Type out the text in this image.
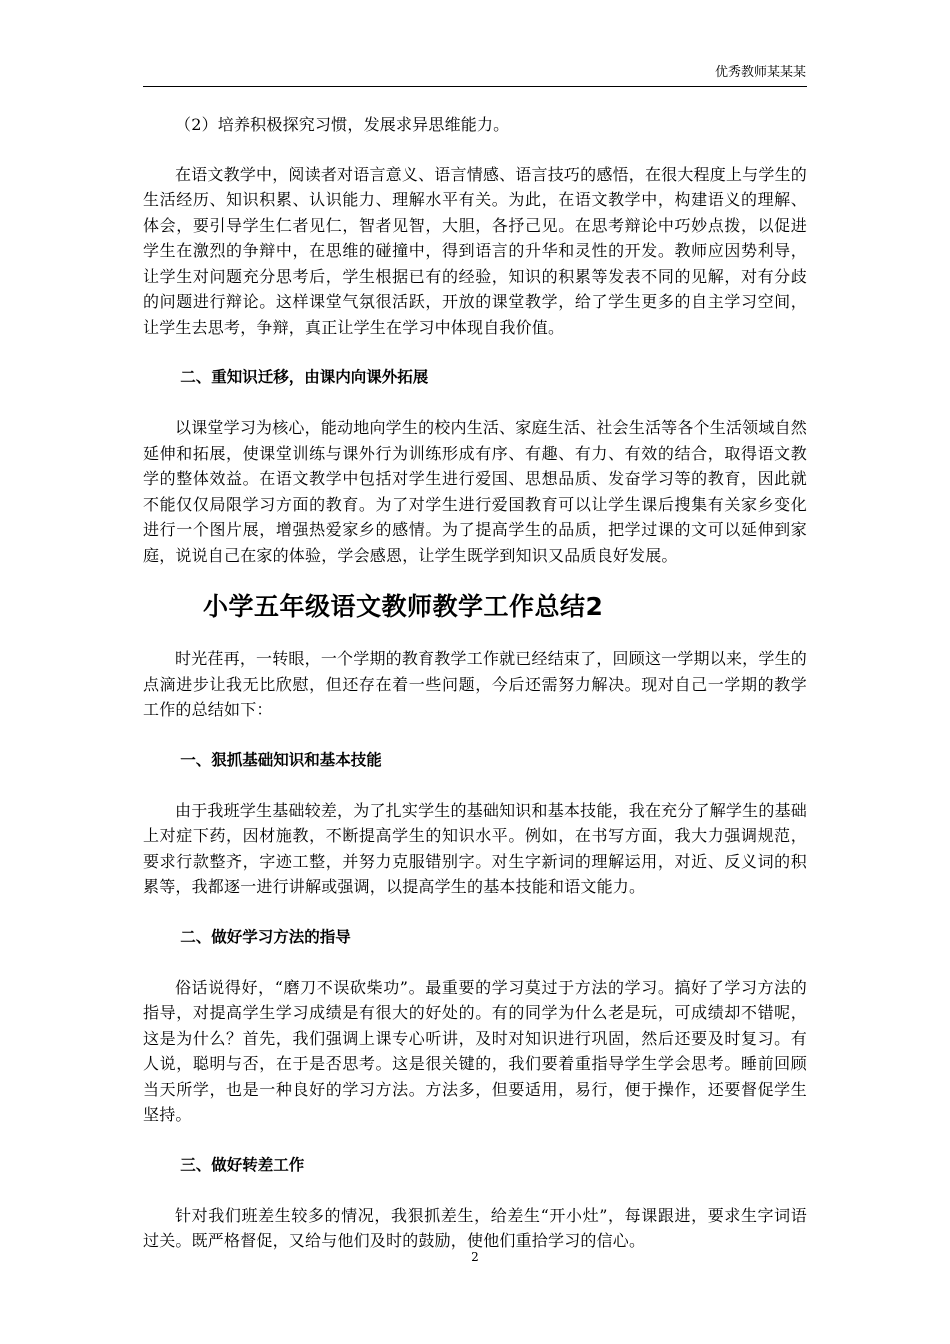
优秀教师某某某

（2）培养积极探究习惯，发展求异思维能力。

在语文教学中，阅读者对语言意义、语言情感、语言技巧的感悟，在很大程度上与学生的生活经历、知识积累、认识能力、理解水平有关。为此，在语文教学中，构建语义的理解、体会，要引导学生仁者见仁，智者见智，大胆，各抒己见。在思考辩论中巧妙点拨，以促进学生在激烈的争辩中，在思维的碰撞中，得到语言的升华和灵性的开发。教师应因势利导，让学生对问题充分思考后，学生根据已有的经验，知识的积累等发表不同的见解，对有分歧的问题进行辩论。这样课堂气氛很活跃，开放的课堂教学，给了学生更多的自主学习空间，让学生去思考，争辩，真正让学生在学习中体现自我价值。

二、重知识迁移，由课内向课外拓展

以课堂学习为核心，能动地向学生的校内生活、家庭生活、社会生活等各个生活领域自然延伸和拓展，使课堂训练与课外行为训练形成有序、有趣、有力、有效的结合，取得语文教学的整体效益。在语文教学中包括对学生进行爱国、思想品质、发奋学习等的教育，因此就不能仅仅局限学习方面的教育。为了对学生进行爱国教育可以让学生课后搜集有关家乡变化进行一个图片展，增强热爱家乡的感情。为了提高学生的品质，把学过课的文可以延伸到家庭，说说自己在家的体验，学会感恩，让学生既学到知识又品质良好发展。

小学五年级语文教师教学工作总结2

时光荏再，一转眼，一个学期的教育教学工作就已经结束了，回顾这一学期以来，学生的点滴进步让我无比欣慰，但还存在着一些问题，今后还需努力解决。现对自己一学期的教学工作的总结如下：

一、狠抓基础知识和基本技能

由于我班学生基础较差，为了扎实学生的基础知识和基本技能，我在充分了解学生的基础上对症下药，因材施教，不断提高学生的知识水平。例如，在书写方面，我大力强调规范，要求行款整齐，字迹工整，并努力克服错别字。对生字新词的理解运用，对近、反义词的积累等，我都逐一进行讲解或强调，以提高学生的基本技能和语文能力。

二、做好学习方法的指导

俗话说得好，“磨刀不误砍柴功”。最重要的学习莫过于方法的学习。搞好了学习方法的指导，对提高学生学习成绩是有很大的好处的。有的同学为什么老是玩，可成绩却不错呢，这是为什么？首先，我们强调上课专心听讲，及时对知识进行巩固，然后还要及时复习。有人说，聪明与否，在于是否思考。这是很关键的，我们要着重指导学生学会思考。睡前回顾当天所学，也是一种良好的学习方法。方法多，但要适用，易行，便于操作，还要督促学生坚持。

三、做好转差工作

针对我们班差生较多的情况，我狠抓差生，给差生“开小灶”，每课跟进，要求生字词语过关。既严格督促，又给与他们及时的鼓励，使他们重拾学习的信心。

2
